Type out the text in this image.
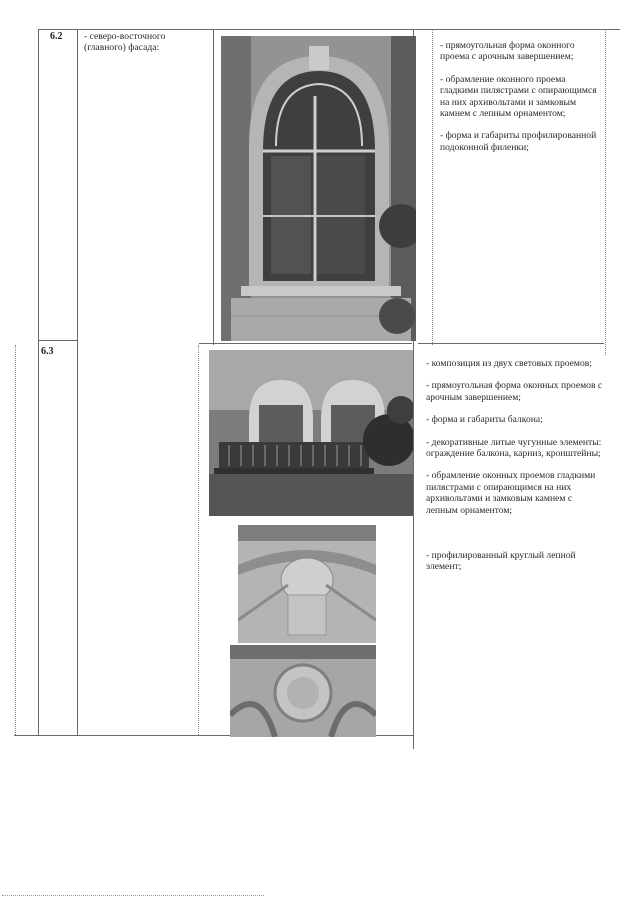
6.2 - северо-восточного (главного) фасада:	- прямоугольная форма оконного проема с арочным завершением;

- обрамление оконного проема гладкими пилястрами с опирающимся на них архивольтами и замковым камнем с лепным орнаментом;

- форма и габариты профилированной подоконной филенки;

6.3

- композиция из двух световых проемов;

- прямоугольная форма оконных проемов с арочным завершением;

- форма и габариты балкона;

- декоративные литые чугунные элементы: ограждение балкона, карниз, кронштейны;

- обрамление оконных проемов гладкими пилястрами с опирающимся на них архивольтами и замковым камнем с лепным орнаментом;

- профилированный круглый лепной элемент;
